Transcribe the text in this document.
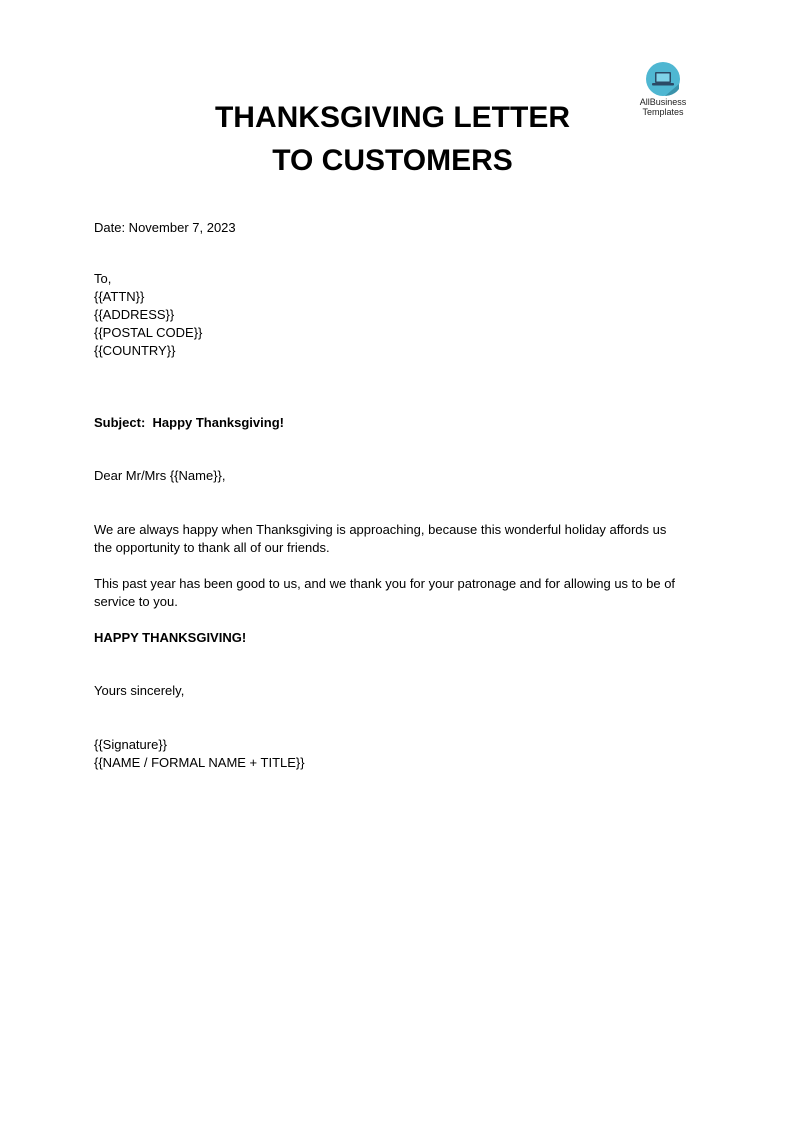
AllBusiness
Templates
THANKSGIVING LETTER
TO CUSTOMERS
Date: November 7, 2023
To,
{{ATTN}}
{{ADDRESS}}
{{POSTAL CODE}}
{{COUNTRY}}
Subject:  Happy Thanksgiving!
Dear Mr/Mrs {{Name}},
We are always happy when Thanksgiving is approaching, because this wonderful holiday affords us
the opportunity to thank all of our friends.
This past year has been good to us, and we thank you for your patronage and for allowing us to be of
service to you.
HAPPY THANKSGIVING!
Yours sincerely,
{{Signature}}
{{NAME / FORMAL NAME + TITLE}}
